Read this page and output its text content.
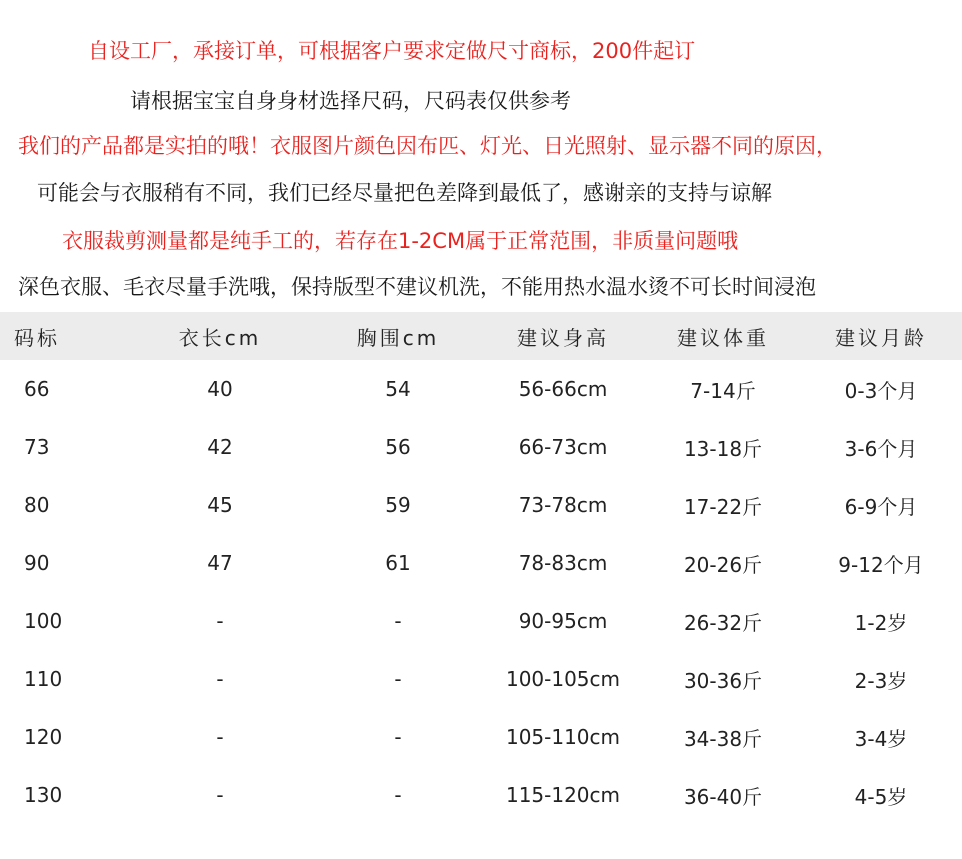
自设工厂，承接订单，可根据客户要求定做尺寸商标，200件起订
请根据宝宝自身身材选择尺码，尺码表仅供参考
我们的产品都是实拍的哦！衣服图片颜色因布匹、灯光、日光照射、显示器不同的原因，
可能会与衣服稍有不同，我们已经尽量把色差降到最低了，感谢亲的支持与谅解
衣服裁剪测量都是纯手工的，若存在1-2CM属于正常范围，非质量问题哦
深色衣服、毛衣尽量手洗哦，保持版型不建议机洗，不能用热水温水烫不可长时间浸泡
码标	衣长cm	胸围cm	建议身高	建议体重	建议月龄
66	40	54	56-66cm	7-14斤	0-3个月
73	42	56	66-73cm	13-18斤	3-6个月
80	45	59	73-78cm	17-22斤	6-9个月
90	47	61	78-83cm	20-26斤	9-12个月
100	-	-	90-95cm	26-32斤	1-2岁
110	-	-	100-105cm	30-36斤	2-3岁
120	-	-	105-110cm	34-38斤	3-4岁
130	-	-	115-120cm	36-40斤	4-5岁
